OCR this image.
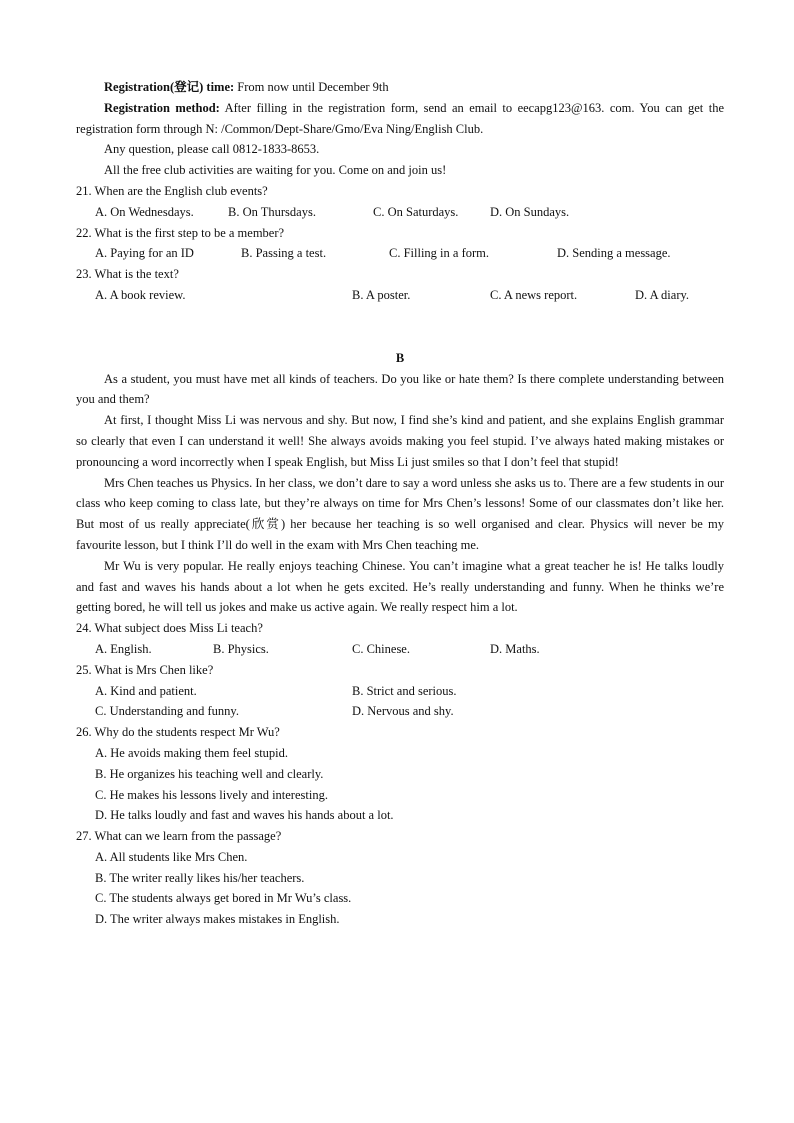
Registration(登记) time: From now until December 9th

Registration method: After filling in the registration form, send an email to eecapg123@163. com. You can get the registration form through N: /Common/Dept-Share/Gmo/Eva Ning/English Club.

Any question, please call 0812-1833-8653.

All the free club activities are waiting for you. Come on and join us!

21. When are the English club events?

A. On Wednesdays.	B. On Thursdays.	C. On Saturdays.	D. On Sundays.

22. What is the first step to be a member?

A. Paying for an ID	B. Passing a test.	C. Filling in a form.	D. Sending a message.

23. What is the text?

A. A book review.	B. A poster.	C. A news report.	D. A diary.

B

As a student, you must have met all kinds of teachers. Do you like or hate them? Is there complete understanding between you and them?

At first, I thought Miss Li was nervous and shy. But now, I find she’s kind and patient, and she explains English grammar so clearly that even I can understand it well! She always avoids making you feel stupid. I’ve always hated making mistakes or pronouncing a word incorrectly when I speak English, but Miss Li just smiles so that I don’t feel that stupid!

Mrs Chen teaches us Physics. In her class, we don’t dare to say a word unless she asks us to. There are a few students in our class who keep coming to class late, but they’re always on time for Mrs Chen’s lessons! Some of our classmates don’t like her. But most of us really appreciate(欣赏) her because her teaching is so well organised and clear. Physics will never be my favourite lesson, but I think I’ll do well in the exam with Mrs Chen teaching me.

Mr Wu is very popular. He really enjoys teaching Chinese. You can’t imagine what a great teacher he is! He talks loudly and fast and waves his hands about a lot when he gets excited. He’s really understanding and funny. When he thinks we’re getting bored, he will tell us jokes and make us active again. We really respect him a lot.

24. What subject does Miss Li teach?

A. English.	B. Physics.	C. Chinese.	D. Maths.

25. What is Mrs Chen like?

A. Kind and patient.	B. Strict and serious.
C. Understanding and funny.	D. Nervous and shy.

26. Why do the students respect Mr Wu?

A. He avoids making them feel stupid.

B. He organizes his teaching well and clearly.

C. He makes his lessons lively and interesting.

D. He talks loudly and fast and waves his hands about a lot.

27. What can we learn from the passage?

A. All students like Mrs Chen.

B. The writer really likes his/her teachers.

C. The students always get bored in Mr Wu’s class.

D. The writer always makes mistakes in English.
